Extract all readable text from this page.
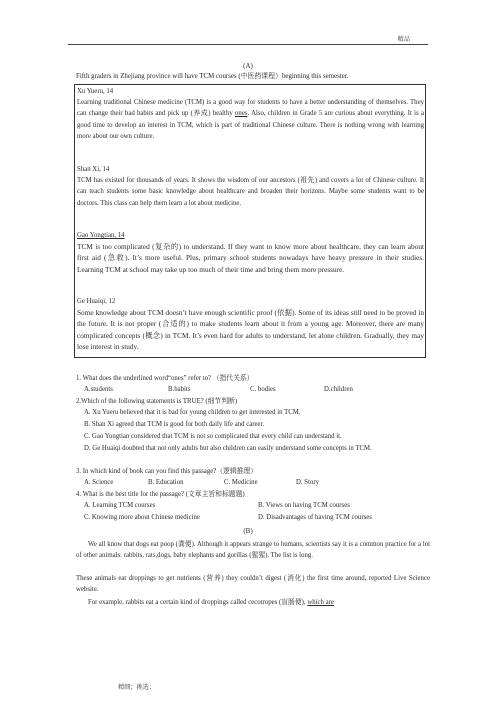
精品
(A)
Fifth graders in Zhejiang province will have TCM courses (中医药课程）beginning this semester.
Xu Yueru, 14
Learning traditional Chinese medicine (TCM) is a good way for students to have a better understanding of themselves. They can change their bad habits and pick up (养成) healthy ones. Also, children in Grade 5 are curious about everything. It is a good time to develop an interest in TCM, which is part of traditional Chinese culture. There is nothing wrong with learning more about our own culture.
Shan Xi, 14
TCM has existed for thousands of years. It shows the wisdom of our ancestors (祖先) and covers a lot of Chinese culture. It can teach students some basic knowledge about healthcare and broaden their horizons. Maybe some students want to be doctors. This class can help them learn a lot about medicine.
Gao Yongtian, 14
TCM is too complicated (复杂的) to understand. If they want to know more about healthcare, they can learn about first aid (急救). It’s more useful. Plus, primary school students nowadays have heavy pressure in their studies. Learning TCM at school may take up too much of their time and bring them more pressure.
Ge Huaiqi, 12
Some knowledge about TCM doesn’t have enough scientific proof (依据). Some of its ideas still need to be proved in the future. It is not proper (合适的) to make students learn about it from a young age. Moreover, there are many complicated concepts (概念) in TCM. It’s even hard for adults to understand, let alone children. Gradually, they may lose interest in study.
1. What does the underlined word“ones” refer to? （指代关系）
A.students	B.habits	C. bodies	D.children
2.Which of the following statements is TRUE? (细节判断)
A. Xu Yueru believed that it is bad for young children to get interested in TCM.
B. Shan Xi agreed that TCM is good for both daily life and career.
C. Gao Yongtian considered that TCM is not so complicated that every child can understand it.
D. Ge Huaiqi doubted that not only adults but also children can easily understand some concepts in TCM.
3. In which kind of book can you find this passage?（逻辑推理）
A. Science	B. Education	C. Medicine	D. Story
4. What is the best title for the passage? (文章主旨和标题题)
A. Learning TCM courses	B. Views on having TCM courses
C. Knowing more about Chinese medicine	D. Disadvantages of having TCM courses
(B)
We all know that dogs eat poop (粪便). Although it appears strange to humans, scientists say it is a common practice for a lot of other animals: rabbits, rats,dogs, baby elephants and gorillas (猩猩). The list is long.
These animals eat droppings to get nutrients (营养) they couldn’t digest (消化) the first time around, reported Live Science website.
For example, rabbits eat a certain kind of droppings called cecotropes (盲肠便), which are
精细；挑选；
